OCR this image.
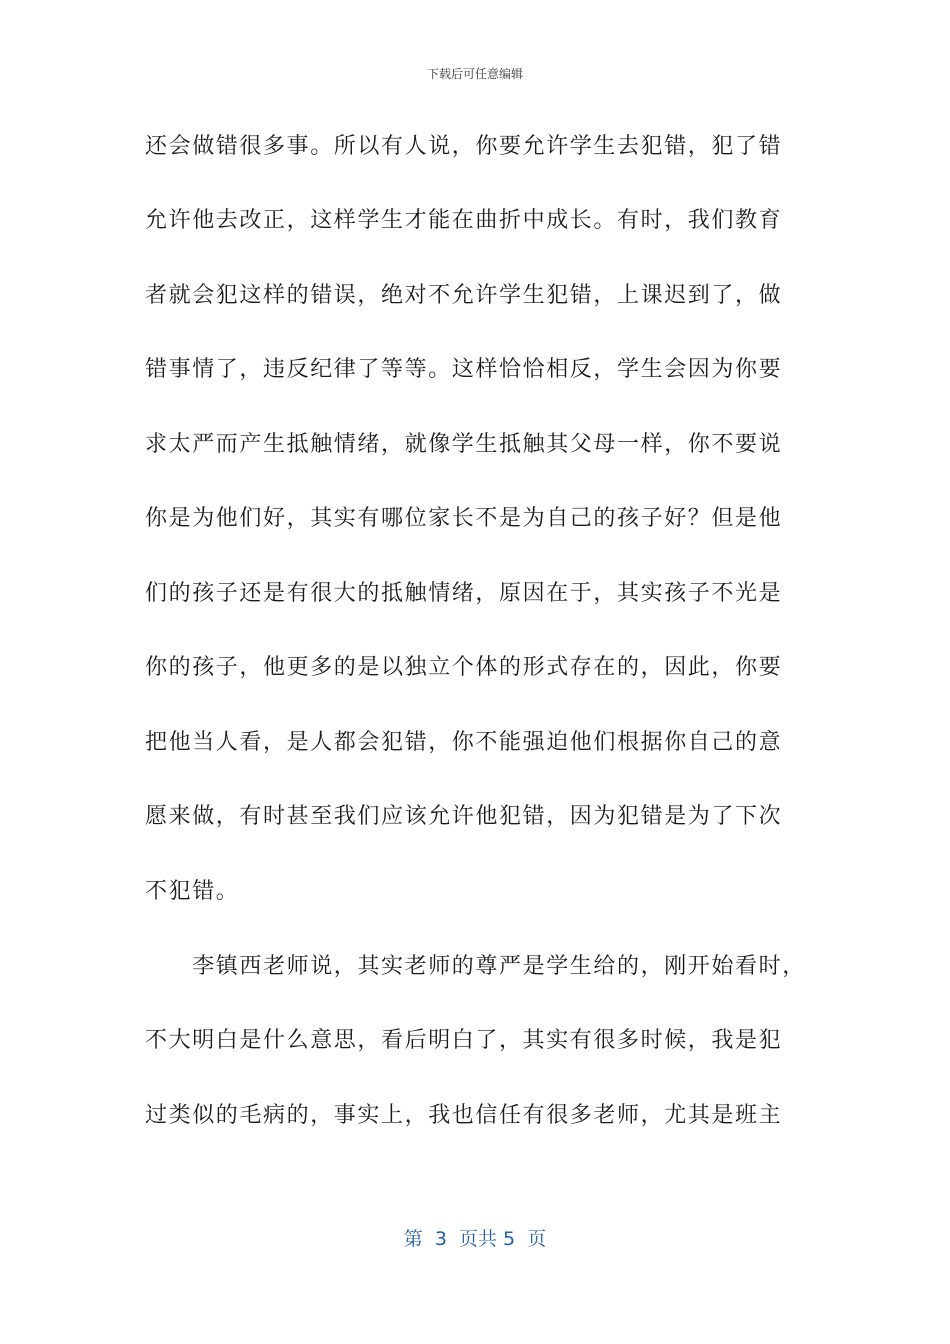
下载后可任意编辑
还会做错很多事。所以有人说，你要允许学生去犯错，犯了错
允许他去改正，这样学生才能在曲折中成长。有时，我们教育
者就会犯这样的错误，绝对不允许学生犯错，上课迟到了，做
错事情了，违反纪律了等等。这样恰恰相反，学生会因为你要
求太严而产生抵触情绪，就像学生抵触其父母一样，你不要说
你是为他们好，其实有哪位家长不是为自己的孩子好？但是他
们的孩子还是有很大的抵触情绪，原因在于，其实孩子不光是
你的孩子，他更多的是以独立个体的形式存在的，因此，你要
把他当人看，是人都会犯错，你不能强迫他们根据你自己的意
愿来做，有时甚至我们应该允许他犯错，因为犯错是为了下次
不犯错。
　　李镇西老师说，其实老师的尊严是学生给的，刚开始看时，
不大明白是什么意思，看后明白了，其实有很多时候，我是犯
过类似的毛病的，事实上，我也信任有很多老师，尤其是班主
第  3  页共 5  页
